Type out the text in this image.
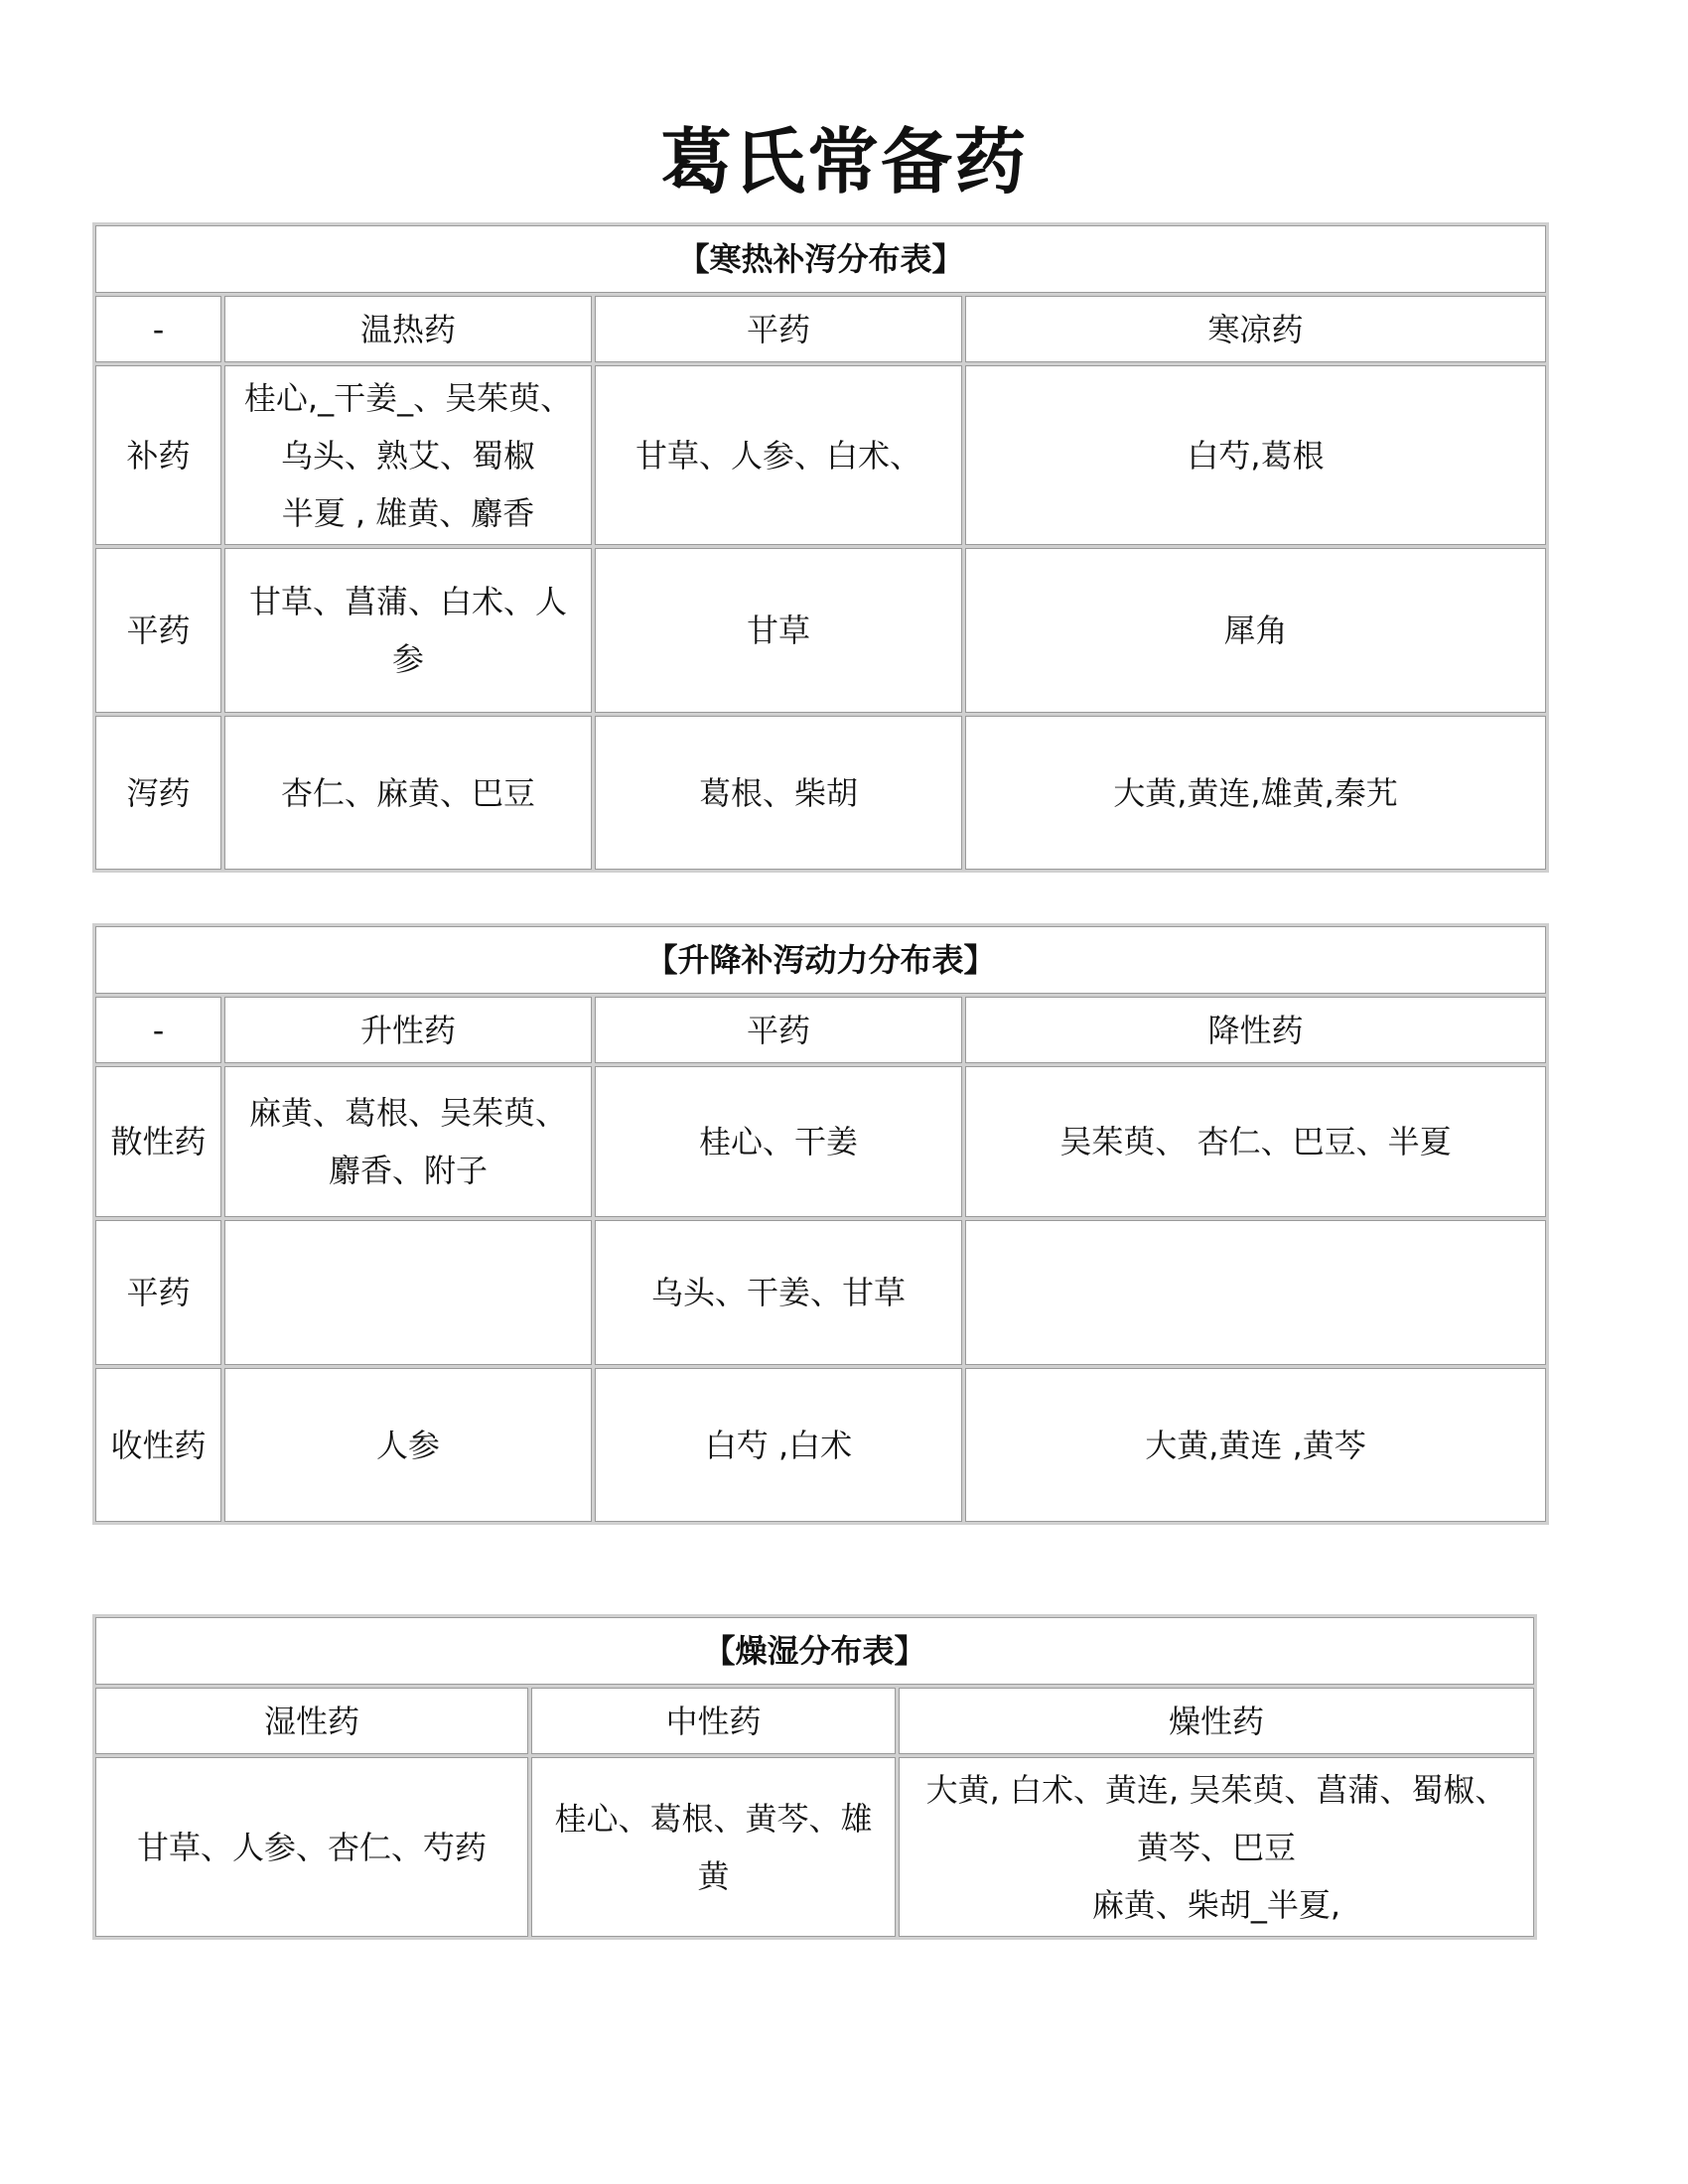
葛氏常备药
【寒热补泻分布表】			
-	温热药	平药	寒凉药
补药	桂心,_干姜_、吴茱萸、
乌头、熟艾、蜀椒
半夏 , 雄黄、麝香	甘草、人参、白术、	白芍,葛根
平药	甘草、菖蒲、白术、人
参	甘草	犀角
泻药	杏仁、麻黄、巴豆	葛根、柴胡	大黄,黄连,雄黄,秦艽
【升降补泻动力分布表】			
-	升性药	平药	降性药
散性药	麻黄、葛根、吴茱萸、
麝香、附子	桂心、干姜	吴茱萸、 杏仁、巴豆、半夏
平药		乌头、干姜、甘草	
收性药	人参	白芍 ,白术	大黄,黄连 ,黄芩
【燥湿分布表】		
湿性药	中性药	燥性药
甘草、人参、杏仁、芍药	桂心、葛根、黄芩、雄
黄	大黄, 白术、黄连, 吴茱萸、菖蒲、蜀椒、
黄芩、巴豆
麻黄、柴胡_半夏,
